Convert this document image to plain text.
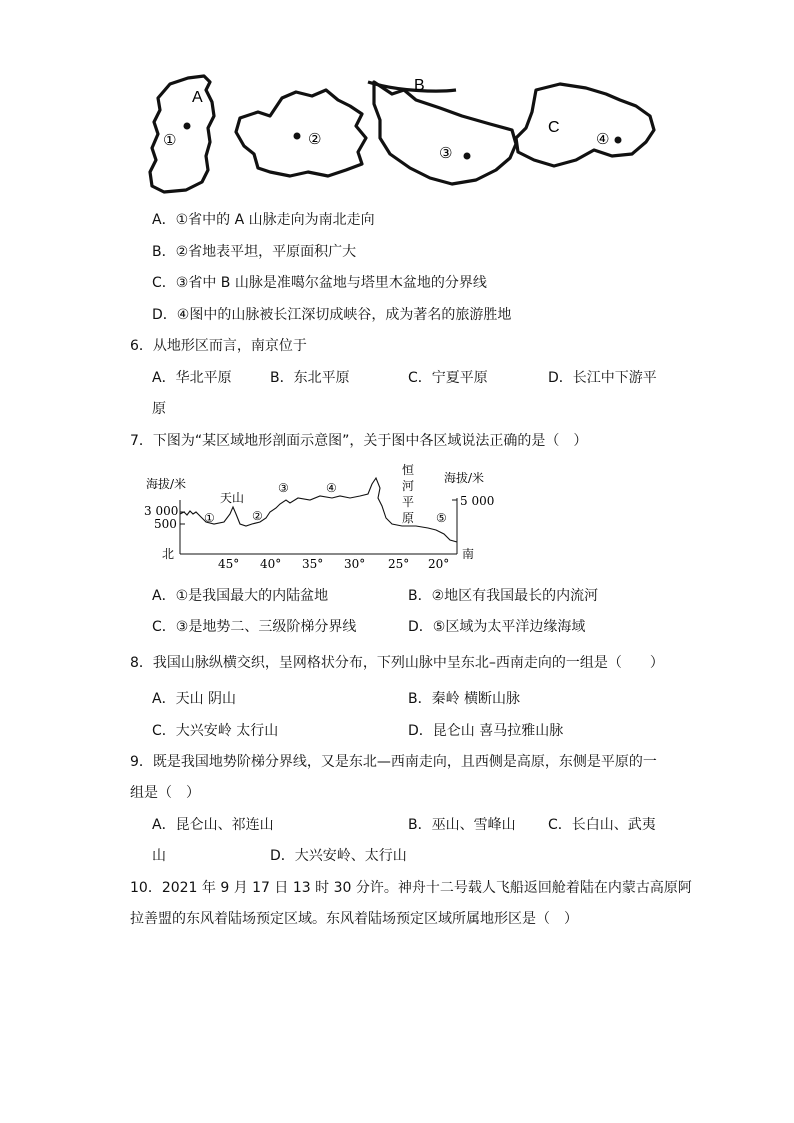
A
B
C
①	②
③
④
A．①省中的 A 山脉走向为南北走向
B．②省地表平坦，平原面积广大
C．③省中 B 山脉是准噶尔盆地与塔里木盆地的分界线
D．④图中的山脉被长江深切成峡谷，成为著名的旅游胜地
6．从地形区而言，南京位于
A．华北平原	B．东北平原	C．宁夏平原	D．长江中下游平
原
7．下图为“某区域地形剖面示意图”，关于图中各区域说法正确的是（　）
海拔/米	海拔/米
3 000
500
5 000
天山
恒
河
平
原
北	南
①	②
③	④
⑤
45° 40° 35° 30° 25° 20°
A．①是我国最大的内陆盆地	B．②地区有我国最长的内流河
C．③是地势二、三级阶梯分界线	D．⑤区域为太平洋边缘海域
8．我国山脉纵横交织，呈网格状分布，下列山脉中呈东北–西南走向的一组是（　　）
A．天山 阴山	B．秦岭 横断山脉
C．大兴安岭 太行山	D．昆仑山 喜马拉雅山脉
9．既是我国地势阶梯分界线，又是东北—西南走向，且西侧是高原，东侧是平原的一
组是（　）
A．昆仑山、祁连山	B．巫山、雪峰山 C．长白山、武夷
山	D．大兴安岭、太行山
10．2021 年 9 月 17 日 13 时 30 分许。神舟十二号载人飞船返回舱着陆在内蒙古高原阿
拉善盟的东风着陆场预定区域。东风着陆场预定区域所属地形区是（　）
